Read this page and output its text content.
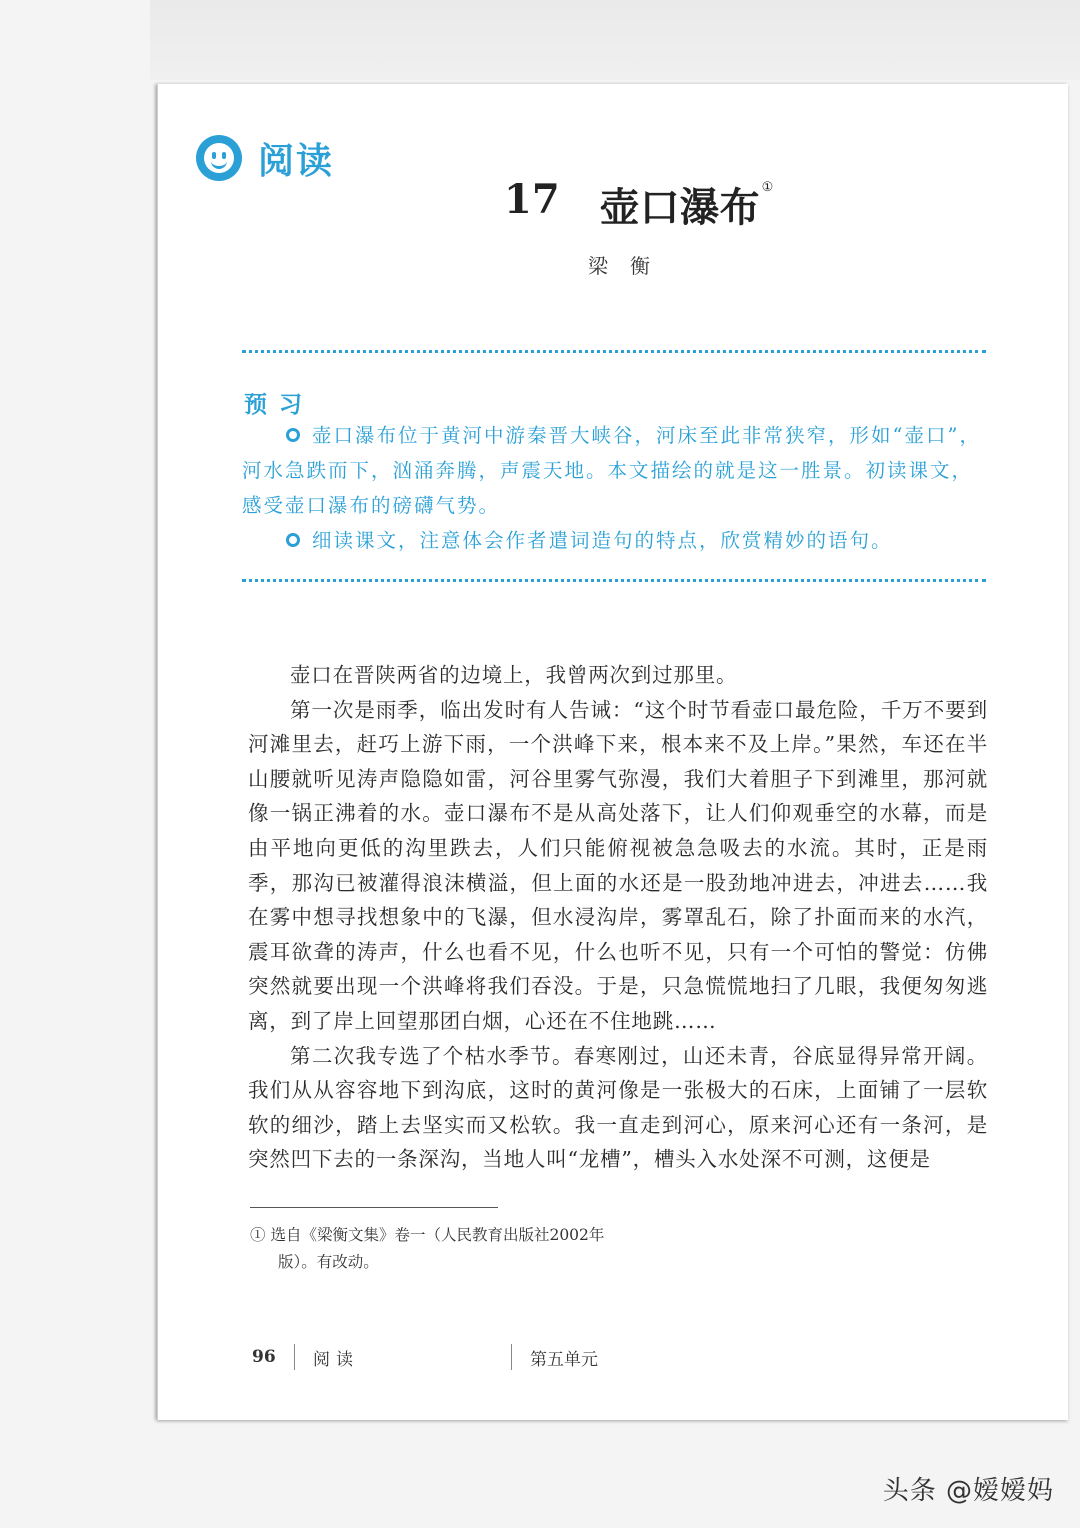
阅读
17 壶口瀑布 ①
梁衡
预习

壶口瀑布位于黄河中游秦晋大峡谷，河床至此非常狭窄，形如“壶口”，河水急跌而下，汹涌奔腾，声震天地。本文描绘的就是这一胜景。初读课文，感受壶口瀑布的磅礴气势。

细读课文，注意体会作者遣词造句的特点，欣赏精妙的语句。

壶口在晋陕两省的边境上，我曾两次到过那里。

第一次是雨季，临出发时有人告诫：“这个时节看壶口最危险，千万不要到河滩里去，赶巧上游下雨，一个洪峰下来，根本来不及上岸。”果然，车还在半山腰就听见涛声隐隐如雷，河谷里雾气弥漫，我们大着胆子下到滩里，那河就像一锅正沸着的水。壶口瀑布不是从高处落下，让人们仰观垂空的水幕，而是由平地向更低的沟里跌去，人们只能俯视被急急吸去的水流。其时，正是雨季，那沟已被灌得浪沫横溢，但上面的水还是一股劲地冲进去，冲进去……我在雾中想寻找想象中的飞瀑，但水浸沟岸，雾罩乱石，除了扑面而来的水汽，震耳欲聋的涛声，什么也看不见，什么也听不见，只有一个可怕的警觉：仿佛突然就要出现一个洪峰将我们吞没。于是，只急慌慌地扫了几眼，我便匆匆逃离，到了岸上回望那团白烟，心还在不住地跳……

第二次我专选了个枯水季节。春寒刚过，山还未青，谷底显得异常开阔。我们从从容容地下到沟底，这时的黄河像是一张极大的石床，上面铺了一层软软的细沙，踏上去坚实而又松软。我一直走到河心，原来河心还有一条河，是突然凹下去的一条深沟，当地人叫“龙槽”，槽头入水处深不可测，这便是

① 选自《梁衡文集》卷一（人民教育出版社2002年版）。有改动。
96	阅读	第五单元
头条 @嫒嫒妈
